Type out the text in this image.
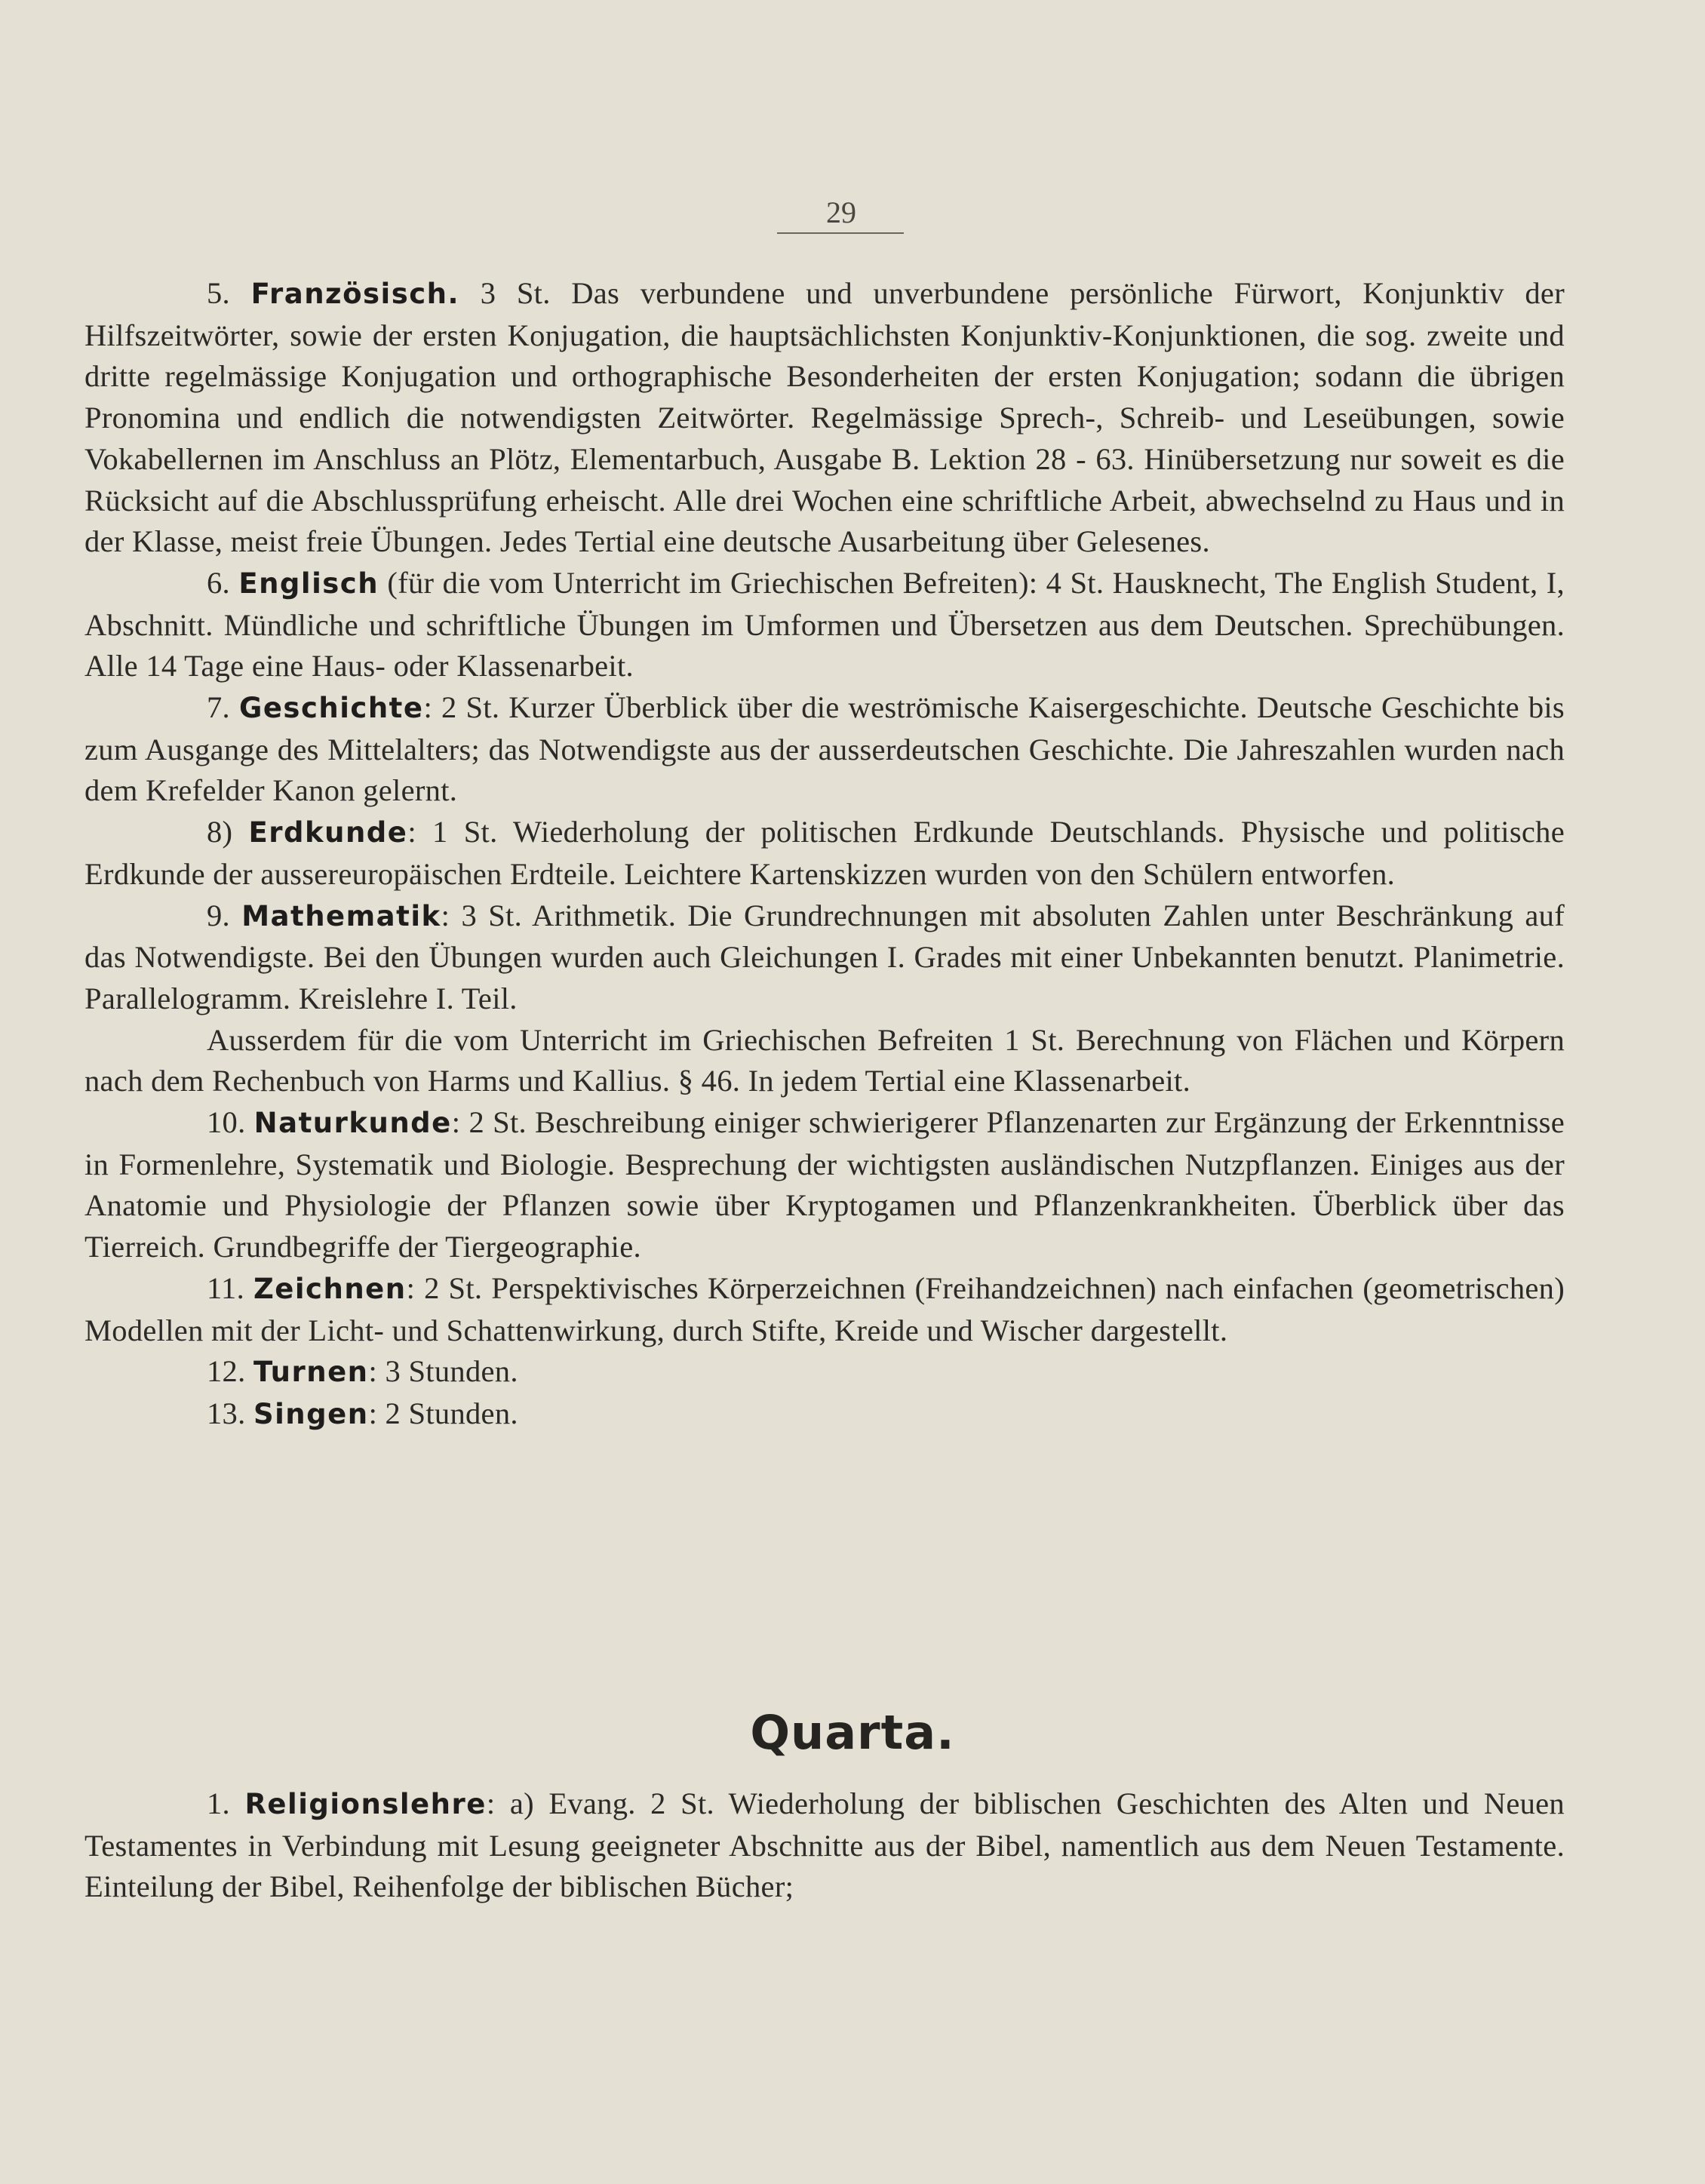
29

5. Französisch. 3 St. Das verbundene und unverbundene persönliche Fürwort, Konjunktiv der Hilfszeitwörter, sowie der ersten Konjugation, die hauptsächlichsten Konjunktiv-Konjunktionen, die sog. zweite und dritte regelmässige Konjugation und orthographische Besonderheiten der ersten Konjugation; sodann die übrigen Pronomina und endlich die notwendigsten Zeitwörter. Regelmässige Sprech-, Schreib- und Leseübungen, sowie Vokabellernen im Anschluss an Plötz, Elementarbuch, Ausgabe B. Lektion 28 - 63. Hinübersetzung nur soweit es die Rücksicht auf die Abschlussprüfung erheischt. Alle drei Wochen eine schriftliche Arbeit, abwechselnd zu Haus und in der Klasse, meist freie Übungen. Jedes Tertial eine deutsche Ausarbeitung über Gelesenes.

6. Englisch (für die vom Unterricht im Griechischen Befreiten): 4 St. Hausknecht, The English Student, I, Abschnitt. Mündliche und schriftliche Übungen im Umformen und Übersetzen aus dem Deutschen. Sprechübungen. Alle 14 Tage eine Haus- oder Klassenarbeit.

7. Geschichte: 2 St. Kurzer Überblick über die weströmische Kaisergeschichte. Deutsche Geschichte bis zum Ausgange des Mittelalters; das Notwendigste aus der ausserdeutschen Geschichte. Die Jahreszahlen wurden nach dem Krefelder Kanon gelernt.

8) Erdkunde: 1 St. Wiederholung der politischen Erdkunde Deutschlands. Physische und politische Erdkunde der aussereuropäischen Erdteile. Leichtere Kartenskizzen wurden von den Schülern entworfen.

9. Mathematik: 3 St. Arithmetik. Die Grundrechnungen mit absoluten Zahlen unter Beschränkung auf das Notwendigste. Bei den Übungen wurden auch Gleichungen I. Grades mit einer Unbekannten benutzt. Planimetrie. Parallelogramm. Kreislehre I. Teil.

Ausserdem für die vom Unterricht im Griechischen Befreiten 1 St. Berechnung von Flächen und Körpern nach dem Rechenbuch von Harms und Kallius. § 46. In jedem Tertial eine Klassenarbeit.

10. Naturkunde: 2 St. Beschreibung einiger schwierigerer Pflanzenarten zur Ergänzung der Erkenntnisse in Formenlehre, Systematik und Biologie. Besprechung der wichtigsten ausländischen Nutzpflanzen. Einiges aus der Anatomie und Physiologie der Pflanzen sowie über Kryptogamen und Pflanzenkrankheiten. Überblick über das Tierreich. Grundbegriffe der Tiergeographie.

11. Zeichnen: 2 St. Perspektivisches Körperzeichnen (Freihandzeichnen) nach einfachen (geometrischen) Modellen mit der Licht- und Schattenwirkung, durch Stifte, Kreide und Wischer dargestellt.

12. Turnen: 3 Stunden.

13. Singen: 2 Stunden.

Quarta.

1. Religionslehre: a) Evang. 2 St. Wiederholung der biblischen Geschichten des Alten und Neuen Testamentes in Verbindung mit Lesung geeigneter Abschnitte aus der Bibel, namentlich aus dem Neuen Testamente. Einteilung der Bibel, Reihenfolge der biblischen Bücher;
